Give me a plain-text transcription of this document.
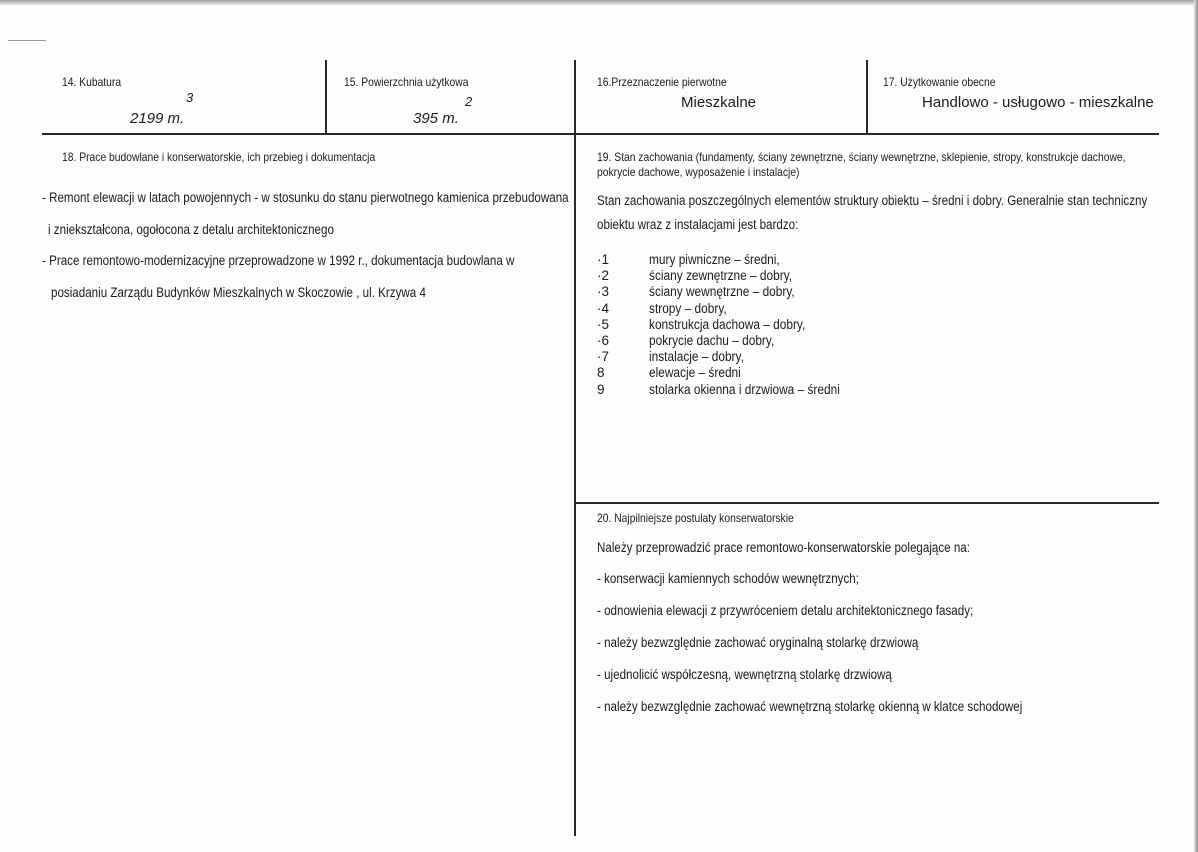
14. Kubatura
3
2199 m.
15. Powierzchnia użytkowa
2
395 m.
16.Przeznaczenie pierwotne
Mieszkalne
17. Użytkowanie obecne
Handlowo - usługowo - mieszkalne
18. Prace budowlane i konserwatorskie, ich przebieg i dokumentacja
- Remont elewacji w latach powojennych - w stosunku do stanu pierwotnego kamienica przebudowana
i zniekształcona, ogołocona z detalu architektonicznego
- Prace remontowo-modernizacyjne przeprowadzone w 1992 r., dokumentacja budowlana w
posiadaniu Zarządu Budynków Mieszkalnych w Skoczowie , ul. Krzywa 4
19. Stan zachowania (fundamenty, ściany zewnętrzne, ściany wewnętrzne, sklepienie, stropy, konstrukcje dachowe,
pokrycie dachowe, wyposażenie i instalacje)
Stan zachowania poszczególnych elementów struktury obiektu – średni i dobry. Generalnie stan techniczny
obiektu wraz z instalacjami jest bardzo:
·1
·2
·3
·4
·5
·6
·7
8
9
mury piwniczne – średni,
ściany zewnętrzne – dobry,
ściany wewnętrzne – dobry,
stropy – dobry,
konstrukcja dachowa – dobry,
pokrycie dachu – dobry,
instalacje – dobry,
elewacje – średni
stolarka okienna i drzwiowa – średni
20. Najpilniejsze postulaty konserwatorskie
Należy przeprowadzić prace remontowo-konserwatorskie polegające na:
- konserwacji kamiennych schodów wewnętrznych;
- odnowienia elewacji z przywróceniem detalu architektonicznego fasady;
- należy bezwzględnie zachować oryginalną stolarkę drzwiową
- ujednolicić współczesną, wewnętrzną stolarkę drzwiową
- należy bezwzględnie zachować wewnętrzną stolarkę okienną w klatce schodowej
